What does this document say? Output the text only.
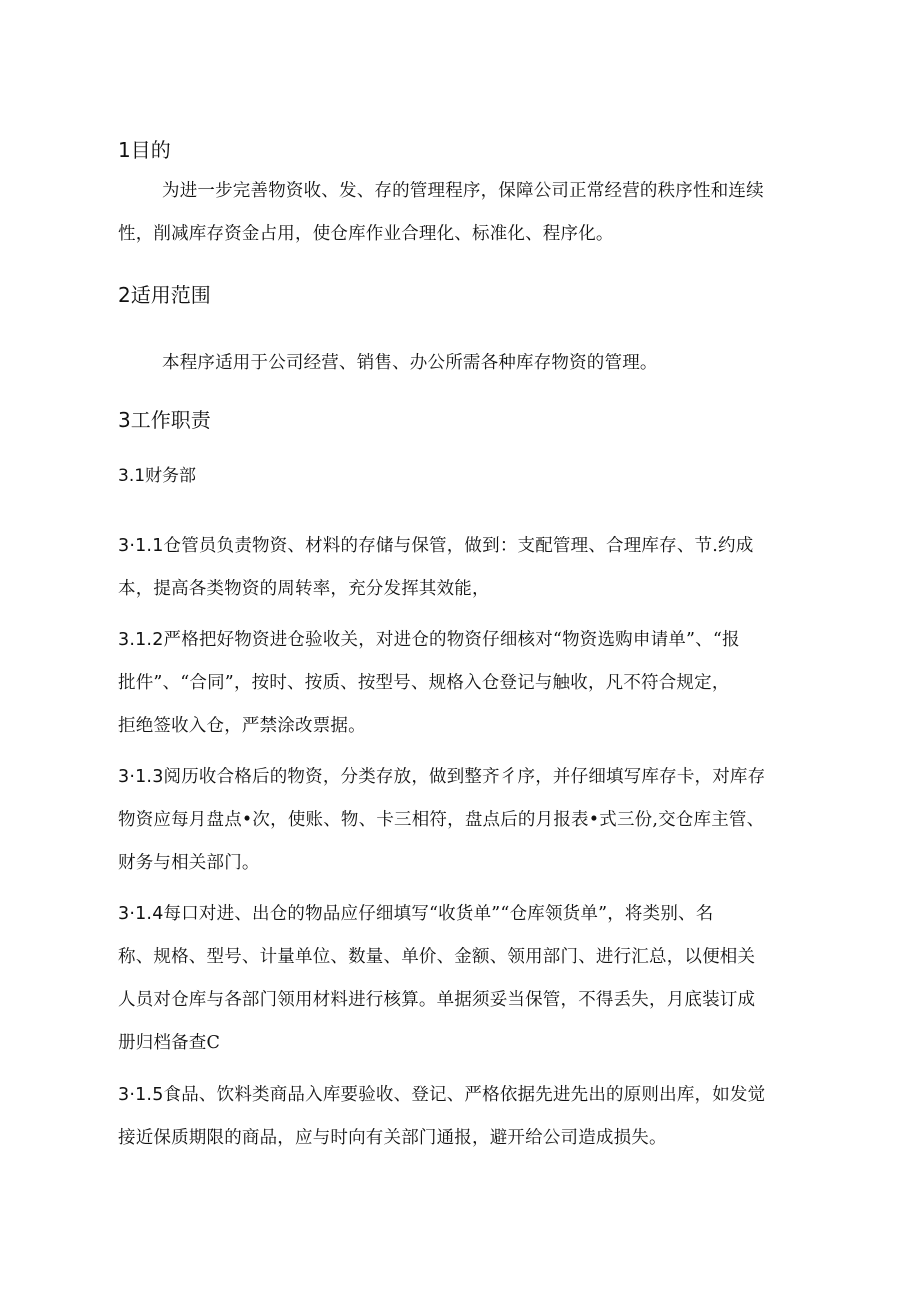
1目的
为进一步完善物资收、发、存的管理程序，保障公司正常经营的秩序性和连续
性，削减库存资金占用，使仓库作业合理化、标准化、程序化。
2适用范围
本程序适用于公司经营、销售、办公所需各种库存物资的管理。
3工作职责
3.1财务部
3·1.1仓管员负责物资、材料的存储与保管，做到：支配管理、合理库存、节.约成
本，提高各类物资的周转率，充分发挥其效能，
3.1.2严格把好物资进仓验收关，对进仓的物资仔细核对“物资选购申请单”、“报
批件”、“合同”，按时、按质、按型号、规格入仓登记与触收，凡不符合规定，
拒绝签收入仓，严禁涂改票据。
3·1.3阅历收合格后的物资，分类存放，做到整齐彳序，并仔细填写库存卡，对库存
物资应每月盘点•次，使账、物、卡三相符，盘点后的月报表•式三份,交仓库主管、
财务与相关部门。
3·1.4每口对进、出仓的物品应仔细填写“收货单”“仓库领货单”，将类别、名
称、规格、型号、计量单位、数量、单价、金额、领用部门、进行汇总，以便相关
人员对仓库与各部门领用材料进行核算。单据须妥当保管，不得丢失，月底装订成
册归档备查C
3·1.5食品、饮料类商品入库要验收、登记、严格依据先进先出的原则出库，如发觉
接近保质期限的商品，应与时向有关部门通报，避开给公司造成损失。
